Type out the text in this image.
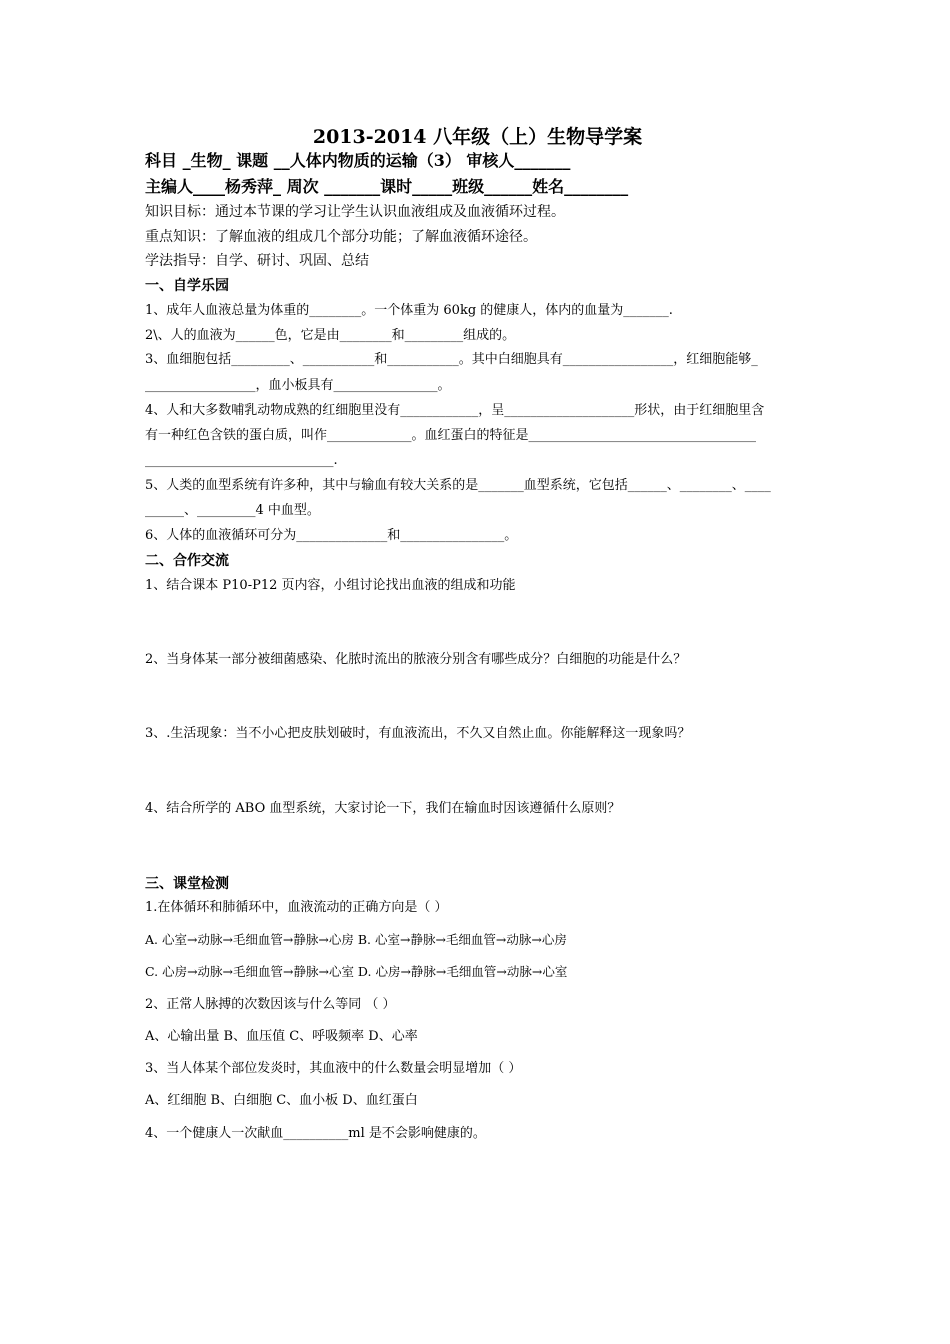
2013-2014 八年级（上）生物导学案
科目 _生物_ 课题 __人体内物质的运输（3） 审核人_______
主编人____杨秀萍_ 周次 _______课时_____班级______姓名________
知识目标：通过本节课的学习让学生认识血液组成及血液循环过程。
重点知识：了解血液的组成几个部分功能；了解血液循环途径。
学法指导：自学、研讨、巩固、总结
一、自学乐园
1、成年人血液总量为体重的________。一个体重为 60kg 的健康人，体内的血量为_______.
2\、人的血液为______色，它是由________和_________组成的。
3、血细胞包括_________、___________和___________。其中白细胞具有_________________，红细胞能够_
_________________，血小板具有________________。
4、人和大多数哺乳动物成熟的红细胞里没有____________，呈____________________形状，由于红细胞里含
有一种红色含铁的蛋白质，叫作_____________。血红蛋白的特征是___________________________________
_____________________________.
5、人类的血型系统有许多种，其中与输血有较大关系的是_______血型系统，它包括______、________、____
______、_________4 中血型。
6、人体的血液循环可分为______________和________________。
二、合作交流
1、结合课本 P10-P12 页内容，小组讨论找出血液的组成和功能
2、当身体某一部分被细菌感染、化脓时流出的脓液分别含有哪些成分？白细胞的功能是什么？
3、.生活现象：当不小心把皮肤划破时，有血液流出，不久又自然止血。你能解释这一现象吗？
4、结合所学的 ABO 血型系统，大家讨论一下，我们在输血时因该遵循什么原则？
三、课堂检测
1.在体循环和肺循环中，血液流动的正确方向是（ ）
A. 心室→动脉→毛细血管→静脉→心房 B. 心室→静脉→毛细血管→动脉→心房
C. 心房→动脉→毛细血管→静脉→心室 D. 心房→静脉→毛细血管→动脉→心室
2、正常人脉搏的次数因该与什么等同 （ ）
A、心输出量 B、血压值 C、呼吸频率 D、心率
3、当人体某个部位发炎时，其血液中的什么数量会明显增加（ ）
A、红细胞 B、白细胞 C、血小板 D、血红蛋白
4、一个健康人一次献血__________ml 是不会影响健康的。
